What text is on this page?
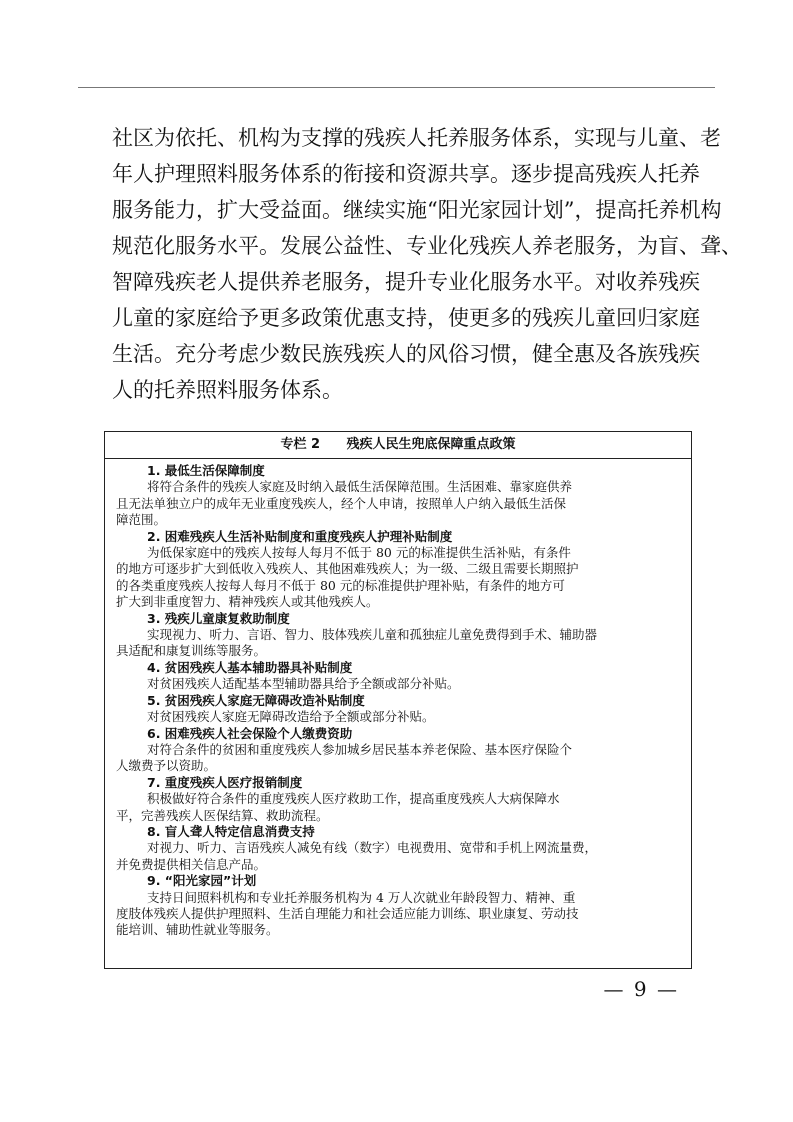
社区为依托、机构为支撑的残疾人托养服务体系，实现与儿童、老
年人护理照料服务体系的衔接和资源共享。逐步提高残疾人托养
服务能力，扩大受益面。继续实施“阳光家园计划”，提高托养机构
规范化服务水平。发展公益性、专业化残疾人养老服务，为盲、聋、
智障残疾老人提供养老服务，提升专业化服务水平。对收养残疾
儿童的家庭给予更多政策优惠支持，使更多的残疾儿童回归家庭
生活。充分考虑少数民族残疾人的风俗习惯，健全惠及各族残疾
人的托养照料服务体系。

专栏 2 残疾人民生兜底保障重点政策
1. 最低生活保障制度
将符合条件的残疾人家庭及时纳入最低生活保障范围。生活困难、靠家庭供养
且无法单独立户的成年无业重度残疾人，经个人申请，按照单人户纳入最低生活保
障范围。
2. 困难残疾人生活补贴制度和重度残疾人护理补贴制度
为低保家庭中的残疾人按每人每月不低于 80 元的标准提供生活补贴，有条件
的地方可逐步扩大到低收入残疾人、其他困难残疾人；为一级、二级且需要长期照护
的各类重度残疾人按每人每月不低于 80 元的标准提供护理补贴，有条件的地方可
扩大到非重度智力、精神残疾人或其他残疾人。
3. 残疾儿童康复救助制度
实现视力、听力、言语、智力、肢体残疾儿童和孤独症儿童免费得到手术、辅助器
具适配和康复训练等服务。
4. 贫困残疾人基本辅助器具补贴制度
对贫困残疾人适配基本型辅助器具给予全额或部分补贴。
5. 贫困残疾人家庭无障碍改造补贴制度
对贫困残疾人家庭无障碍改造给予全额或部分补贴。
6. 困难残疾人社会保险个人缴费资助
对符合条件的贫困和重度残疾人参加城乡居民基本养老保险、基本医疗保险个
人缴费予以资助。
7. 重度残疾人医疗报销制度
积极做好符合条件的重度残疾人医疗救助工作，提高重度残疾人大病保障水
平，完善残疾人医保结算、救助流程。
8. 盲人聋人特定信息消费支持
对视力、听力、言语残疾人减免有线（数字）电视费用、宽带和手机上网流量费，
并免费提供相关信息产品。
9. “阳光家园”计划
支持日间照料机构和专业托养服务机构为 4 万人次就业年龄段智力、精神、重
度肢体残疾人提供护理照料、生活自理能力和社会适应能力训练、职业康复、劳动技
能培训、辅助性就业等服务。
— 9 —
